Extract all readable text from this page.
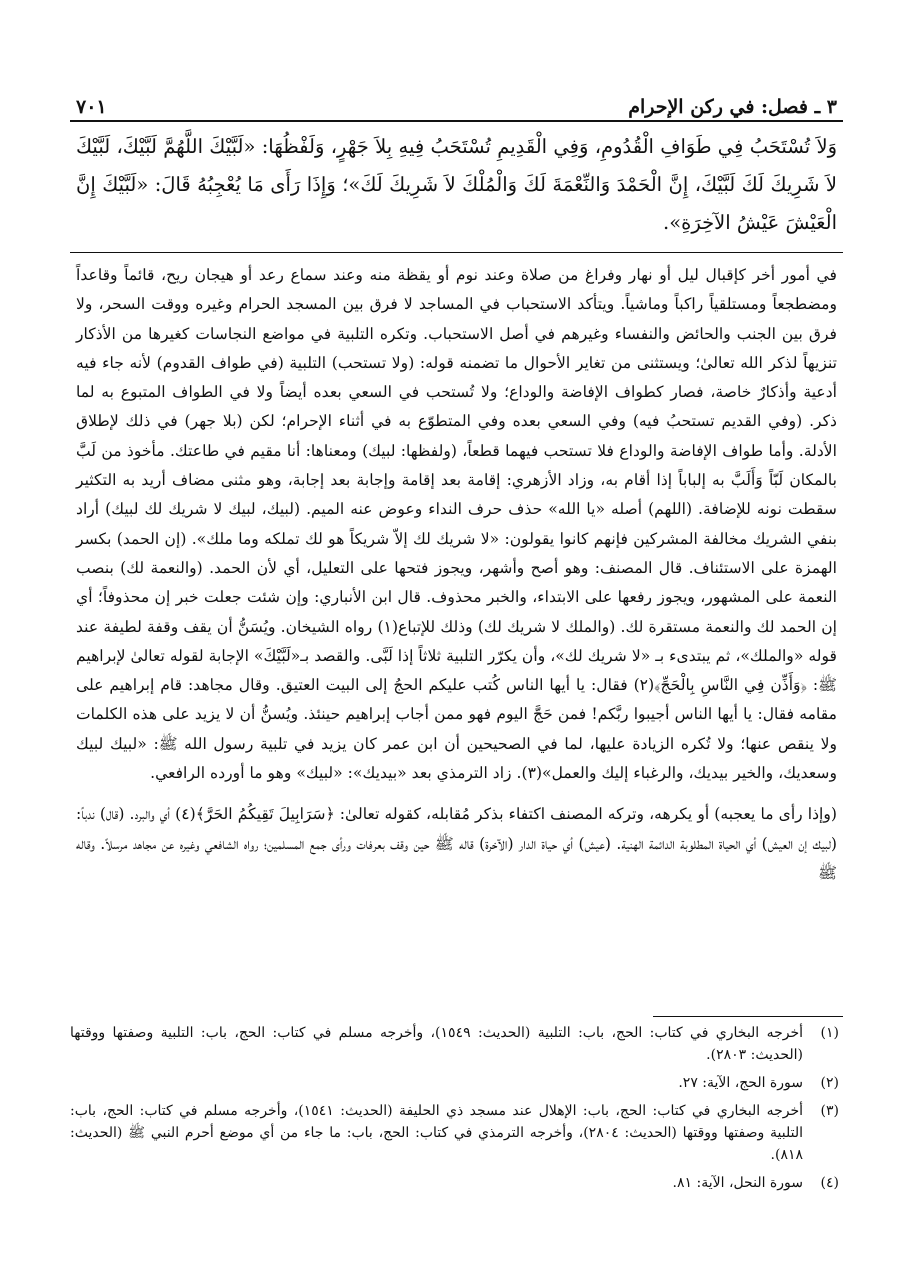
٣ ـ فصل: في ركن الإحرام
٧٠١
وَلاَ تُسْتَحَبُ فِي طَوَافِ الْقُدُومِ، وَفِي الْقَدِيمِ تُسْتَحَبُ فِيهِ بِلاَ جَهْرٍ، وَلَفْظُهَا: «لَبَّيْكَ اللَّهُمَّ لَبَّيْكَ، لَبَّيْكَ لاَ شَرِيكَ لَكَ لَبَّيْكَ، إِنَّ الْحَمْدَ وَالنِّعْمَةَ لَكَ وَالْمُلْكَ لاَ شَرِيكَ لَكَ»؛ وَإِذَا رَأَى مَا يُعْجِبُهُ قَالَ: «لَبَّيْكَ إِنَّ الْعَيْشَ عَيْشُ الآخِرَةِ».

في أمور أخر كإقبال ليل أو نهار وفراغ من صلاة وعند نوم أو يقظة منه وعند سماع رعد أو هيجان ريح، قائماً وقاعداً ومضطجعاً ومستلقياً راكباً وماشياً. ويتأكد الاستحباب في المساجد لا فرق بين المسجد الحرام وغيره ووقت السحر، ولا فرق بين الجنب والحائض والنفساء وغيرهم في أصل الاستحباب. وتكره التلبية في مواضع النجاسات كغيرها من الأذكار تنزيهاً لذكر الله تعالىٰ؛ ويستثنى من تغاير الأحوال ما تضمنه قوله: (ولا تستحب) التلبية (في طواف القدوم) لأنه جاء فيه أدعية وأذكارٌ خاصة، فصار كطواف الإفاضة والوداع؛ ولا تُستحب في السعي بعده أيضاً ولا في الطواف المتبوع به لما ذكر. (وفي القديم تستحبُ فيه) وفي السعي بعده وفي المتطوّع به في أثناء الإحرام؛ لكن (بلا جهر) في ذلك لإطلاق الأدلة. وأما طواف الإفاضة والوداع فلا تستحب فيهما قطعاً، (ولفظها: لبيك) ومعناها: أنا مقيم في طاعتك. مأخوذ من لَبَّ بالمكان لَبّاً وَأَلَبَّ به إلباباً إذا أقام به، وزاد الأزهري: إقامة بعد إقامة وإجابة بعد إجابة، وهو مثنى مضاف أريد به التكثير سقطت نونه للإضافة. (اللهم) أصله «يا الله» حذف حرف النداء وعوض عنه الميم. (لبيك، لبيك لا شريك لك لبيك) أراد بنفي الشريك مخالفة المشركين فإنهم كانوا يقولون: «لا شريك لك إلاّ شريكاً هو لك تملكه وما ملك». (إن الحمد) بكسر الهمزة على الاستئناف. قال المصنف: وهو أصح وأشهر، ويجوز فتحها على التعليل، أي لأن الحمد. (والنعمة لك) بنصب النعمة على المشهور، ويجوز رفعها على الابتداء، والخبر محذوف. قال ابن الأنباري: وإن شئت جعلت خبر إن محذوفاً؛ أي إن الحمد لك والنعمة مستقرة لك. (والملك لا شريك لك) وذلك للإتباع(١) رواه الشيخان. ويُسَنُّ أن يقف وقفة لطيفة عند قوله «والملك»، ثم يبتدىء بـ «لا شريك لك»، وأن يكرّر التلبية ثلاثاً إذا لَبَّى. والقصد بـ«لَبَّيْكَ» الإجابة لقوله تعالىٰ لإبراهيم ﷺ: ﴿وَأَذِّن فِي النَّاسِ بِالْحَجِّ﴾(٢) فقال: يا أيها الناس كُتب عليكم الحجُ إلى البيت العتيق. وقال مجاهد: قام إبراهيم على مقامه فقال: يا أيها الناس أجيبوا ربَّكم! فمن حَجَّ اليوم فهو ممن أجاب إبراهيم حينئذ. ويُسنُّ أن لا يزيد على هذه الكلمات ولا ينقص عنها؛ ولا تُكره الزيادة عليها، لما في الصحيحين أن ابن عمر كان يزيد في تلبية رسول الله ﷺ: «لبيك لبيك وسعديك، والخير بيديك، والرغباء إليك والعمل»(٣). زاد الترمذي بعد «بيديك»: «لبيك» وهو ما أورده الرافعي.

(وإذا رأى ما يعجبه) أو يكرهه، وتركه المصنف اكتفاء بذكر مُقابله، كقوله تعالىٰ: ﴿سَرَابِيلَ تَقِيكُمُ الحَرَّ﴾(٤) أي والبرد. (قال) ندباً: (لبيك إن العيش) أي الحياة المطلوبة الدائمة الهنية. (عيش) أي حياة الدار (الآخرة) قاله ﷺ حين وقف بعرفات ورأى جمع المسلمين؛ رواه الشافعي وغيره عن مجاهد مرسلاً. وقاله ﷺ

(١)
أخرجه البخاري في كتاب: الحج، باب: التلبية (الحديث: ١٥٤٩)، وأخرجه مسلم في كتاب: الحج، باب: التلبية وصفتها ووقتها (الحديث: ٢٨٠٣).
(٢)
سورة الحج، الآية: ٢٧.
(٣)
أخرجه البخاري في كتاب: الحج، باب: الإهلال عند مسجد ذي الحليفة (الحديث: ١٥٤١)، وأخرجه مسلم في كتاب: الحج، باب: التلبية وصفتها ووقتها (الحديث: ٢٨٠٤)، وأخرجه الترمذي في كتاب: الحج، باب: ما جاء من أي موضع أحرم النبي ﷺ (الحديث: ٨١٨).
(٤)
سورة النحل، الآية: ٨١.
